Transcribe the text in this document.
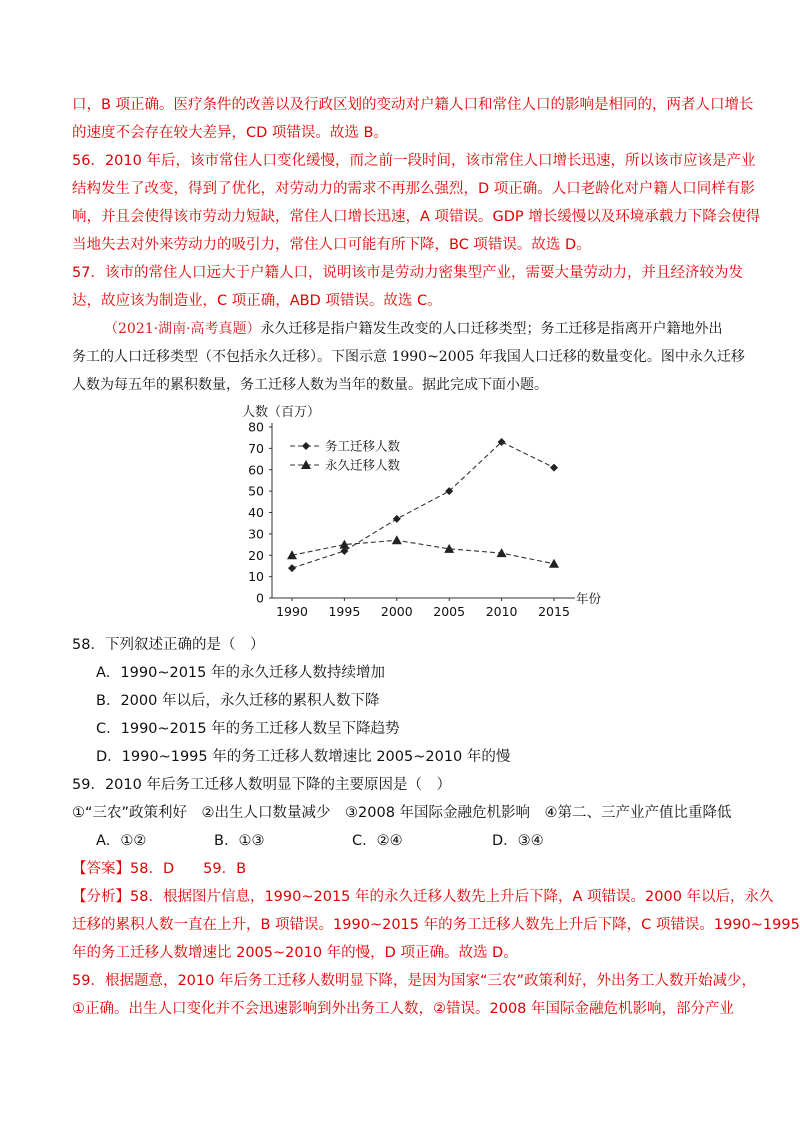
口，B 项正确。医疗条件的改善以及行政区划的变动对户籍人口和常住人口的影响是相同的，两者人口增长
的速度不会存在较大差异，CD 项错误。故选 B。
56．2010 年后，该市常住人口变化缓慢，而之前一段时间，该市常住人口增长迅速，所以该市应该是产业
结构发生了改变，得到了优化，对劳动力的需求不再那么强烈，D 项正确。人口老龄化对户籍人口同样有影
响，并且会使得该市劳动力短缺，常住人口增长迅速，A 项错误。GDP 增长缓慢以及环境承载力下降会使得
当地失去对外来劳动力的吸引力，常住人口可能有所下降，BC 项错误。故选 D。
57．该市的常住人口远大于户籍人口，说明该市是劳动力密集型产业，需要大量劳动力，并且经济较为发
达，故应该为制造业，C 项正确，ABD 项错误。故选 C。
（2021·湖南·高考真题）永久迁移是指户籍发生改变的人口迁移类型；务工迁移是指离开户籍地外出
务工的人口迁移类型（不包括永久迁移）。下图示意 1990~2005 年我国人口迁移的数量变化。图中永久迁移
人数为每五年的累积数量，务工迁移人数为当年的数量。据此完成下面小题。
人数（百万）
年份
0
10
20
30
40
50
60
70
80
1990 1995 2000 2005 2010 2015
务工迁移人数
永久迁移人数
58．下列叙述正确的是（　）
A．1990~2015 年的永久迁移人数持续增加
B．2000 年以后，永久迁移的累积人数下降
C．1990~2015 年的务工迁移人数呈下降趋势
D．1990~1995 年的务工迁移人数增速比 2005~2010 年的慢
59．2010 年后务工迁移人数明显下降的主要原因是（　）
①“三农”政策利好　②出生人口数量减少　③2008 年国际金融危机影响　④第二、三产业产值比重降低
A．①②	B．①③	C．②④	D．③④
【答案】58．D　　59．B
【分析】58．根据图片信息，1990~2015 年的永久迁移人数先上升后下降，A 项错误。2000 年以后，永久
迁移的累积人数一直在上升，B 项错误。1990~2015 年的务工迁移人数先上升后下降，C 项错误。1990~1995
年的务工迁移人数增速比 2005~2010 年的慢，D 项正确。故选 D。
59．根据题意，2010 年后务工迁移人数明显下降，是因为国家“三农”政策利好，外出务工人数开始减少，
①正确。出生人口变化并不会迅速影响到外出务工人数，②错误。2008 年国际金融危机影响，部分产业
